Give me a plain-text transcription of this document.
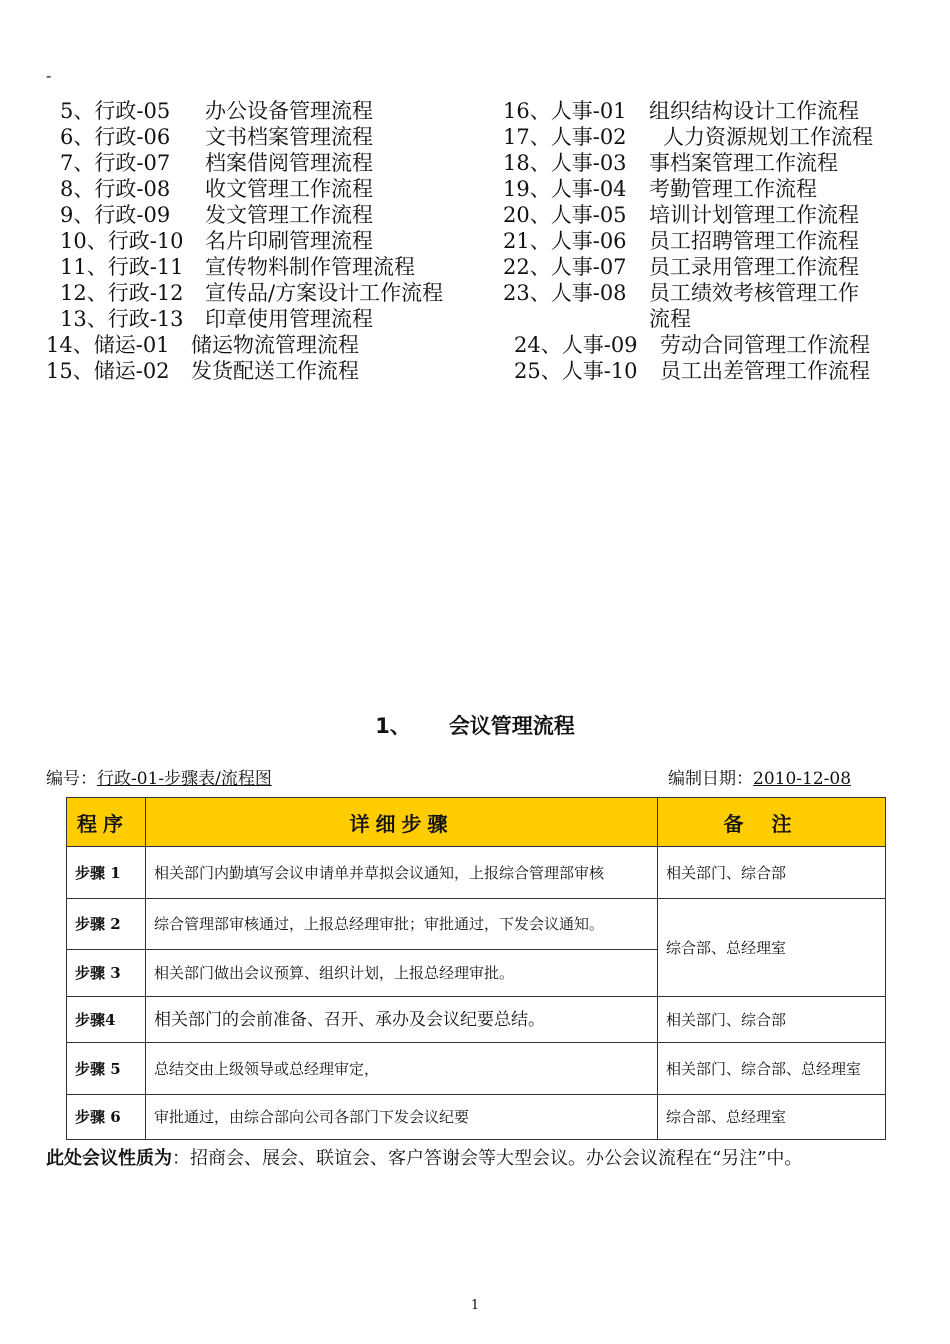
-
5、行政-05 办公设备管理流程
6、行政-06 文书档案管理流程
7、行政-07 档案借阅管理流程
8、行政-08 收文管理工作流程
9、行政-09 发文管理工作流程
10、行政-10 名片印刷管理流程
11、行政-11 宣传物料制作管理流程
12、行政-12 宣传品/方案设计工作流程
13、行政-13 印章使用管理流程
14、储运-01 储运物流管理流程
15、储运-02 发货配送工作流程
16、人事-01 组织结构设计工作流程
17、人事-02 人力资源规划工作流程
18、人事-03 事档案管理工作流程
19、人事-04 考勤管理工作流程
20、人事-05 培训计划管理工作流程
21、人事-06 员工招聘管理工作流程
22、人事-07 员工录用管理工作流程
23、人事-08 员工绩效考核管理工作
流程
24、人事-09 劳动合同管理工作流程
25、人事-10 员工出差管理工作流程
1、 会议管理流程
编号：行政-01-步骤表/流程图	编制日期：2010-12-08
程序	详细步骤	备注
步骤 1	相关部门内勤填写会议申请单并草拟会议通知，上报综合管理部审核	相关部门、综合部
步骤 2	综合管理部审核通过，上报总经理审批；审批通过，下发会议通知。	综合部、总经理室
步骤 3	相关部门做出会议预算、组织计划，上报总经理审批。	
步骤4	相关部门的会前准备、召开、承办及会议纪要总结。	相关部门、综合部
步骤 5	总结交由上级领导或总经理审定，	相关部门、综合部、总经理室
步骤 6	审批通过，由综合部向公司各部门下发会议纪要	综合部、总经理室
此处会议性质为：招商会、展会、联谊会、客户答谢会等大型会议。办公会议流程在“另注”中。
1
